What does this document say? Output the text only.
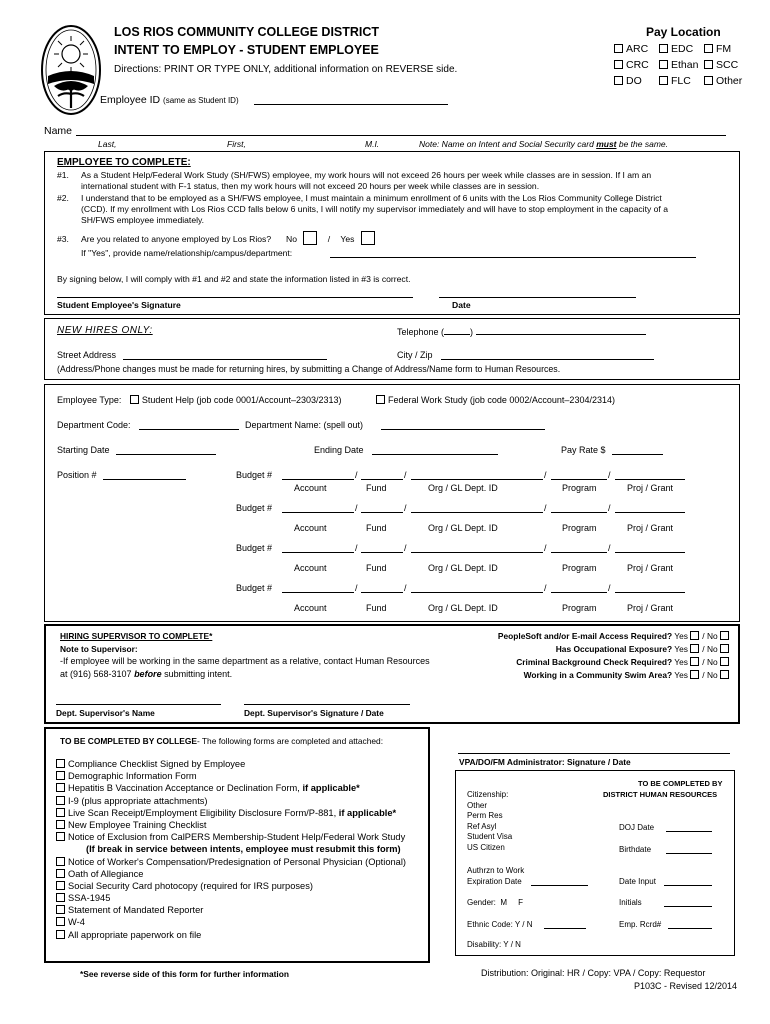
LOS RIOS COMMUNITY COLLEGE DISTRICT
INTENT TO EMPLOY - STUDENT EMPLOYEE
Directions: PRINT OR TYPE ONLY, additional information on REVERSE side.
Employee ID (same as Student ID)
Pay Location
ARC EDC FM
CRC Ethan SCC
DO	FLC Other
Name
Last,	First,	M.I.	Note: Name on Intent and Social Security card must be the same.
EMPLOYEE TO COMPLETE:
#1. As a Student Help/Federal Work Study (SH/FWS) employee, my work hours will not exceed 26 hours per week while classes are in session. If I am an
international student with F-1 status, then my work hours will not exceed 20 hours per week while classes are in session.
#2. I understand that to be employed as a SH/FWS employee, I must maintain a minimum enrollment of 6 units with the Los Rios Community College District
(CCD). If my enrollment with Los Rios CCD falls below 6 units, I will notify my supervisor immediately and will have to stop employment in the capacity of a
SH/FWS employee immediately.
#3. Are you related to anyone employed by Los Rios? No	/ Yes
If "Yes", provide name/relationship/campus/department:
By signing below, I will comply with #1 and #2 and state the information listed in #3 is correct.
Student Employee's Signature	Date
NEW HIRES ONLY:	Telephone (	)
Street Address	City / Zip
(Address/Phone changes must be made for returning hires, by submitting a Change of Address/Name form to Human Resources.
Employee Type: Student Help (job code 0001/Account–2303/2313)	Federal Work Study (job code 0002/Account–2304/2314)
Department Code:	Department Name: (spell out)
Starting Date	Ending Date	Pay Rate $
Position #	Budget #	/	/	/	/
Account	Fund	Org / GL Dept. ID	Program	Proj / Grant
Budget #	/	/	/	/
Account	Fund	Org / GL Dept. ID	Program	Proj / Grant
Budget #	/	/	/	/
Account	Fund	Org / GL Dept. ID	Program	Proj / Grant
Budget #	/	/	/	/
Account	Fund	Org / GL Dept. ID	Program	Proj / Grant
HIRING SUPERVISOR TO COMPLETE*
Note to Supervisor:
-If employee will be working in the same department as a relative, contact Human Resources
at (916) 568-3107 before submitting intent.
PeopleSoft and/or E-mail Access Required? Yes / No
Has Occupational Exposure? Yes / No
Criminal Background Check Required? Yes / No
Working in a Community Swim Area? Yes / No
Dept. Supervisor's Name	Dept. Supervisor's Signature / Date
TO BE COMPLETED BY COLLEGE- The following forms are completed and attached:
Compliance Checklist Signed by Employee
Demographic Information Form
Hepatitis B Vaccination Acceptance or Declination Form, if applicable*
I-9 (plus appropriate attachments)
Live Scan Receipt/Employment Eligibility Disclosure Form/P-881, if applicable*
New Employee Training Checklist
Notice of Exclusion from CalPERS Membership-Student Help/Federal Work Study
(If break in service between intents, employee must resubmit this form)
Notice of Worker's Compensation/Predesignation of Personal Physician (Optional)
Oath of Allegiance
Social Security Card photocopy (required for IRS purposes)
SSA-1945
Statement of Mandated Reporter
W-4
All appropriate paperwork on file
*See reverse side of this form for further information
VPA/DO/FM Administrator: Signature / Date
TO BE COMPLETED BY
DISTRICT HUMAN RESOURCES
Citizenship:
Other
Perm Res
Ref Asyl
Student Visa
US Citizen
DOJ Date
Birthdate
Authrzn to Work
Expiration Date	Date Input
Gender:  M     F	Initials
Ethnic Code: Y / N	Emp. Rcrd#
Disability: Y / N
Distribution: Original: HR / Copy: VPA / Copy: Requestor
P103C - Revised 12/2014
